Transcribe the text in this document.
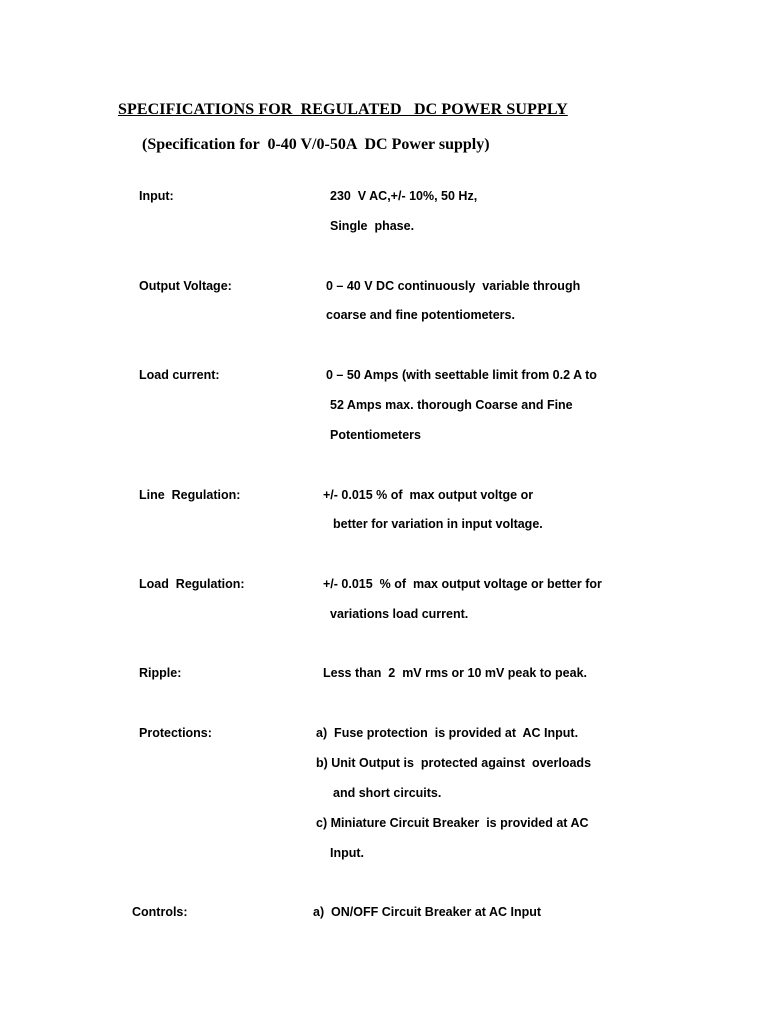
SPECIFICATIONS FOR  REGULATED   DC POWER SUPPLY
(Specification for  0-40 V/0-50A  DC Power supply)
Input:	230  V AC,+/- 10%, 50 Hz,
Single  phase.
Output Voltage:	0 – 40 V DC continuously  variable through
coarse and fine potentiometers.
Load current:	0 – 50 Amps (with seettable limit from 0.2 A to
52 Amps max. thorough Coarse and Fine
Potentiometers
Line  Regulation:	+/- 0.015 % of  max output voltge or
better for variation in input voltage.
Load  Regulation:	+/- 0.015  % of  max output voltage or better for
variations load current.
Ripple:	Less than  2  mV rms or 10 mV peak to peak.
Protections:	a)  Fuse protection  is provided at  AC Input.
b) Unit Output is  protected against  overloads
and short circuits.
c) Miniature Circuit Breaker  is provided at AC
Input.
Controls:	a)  ON/OFF Circuit Breaker at AC Input
